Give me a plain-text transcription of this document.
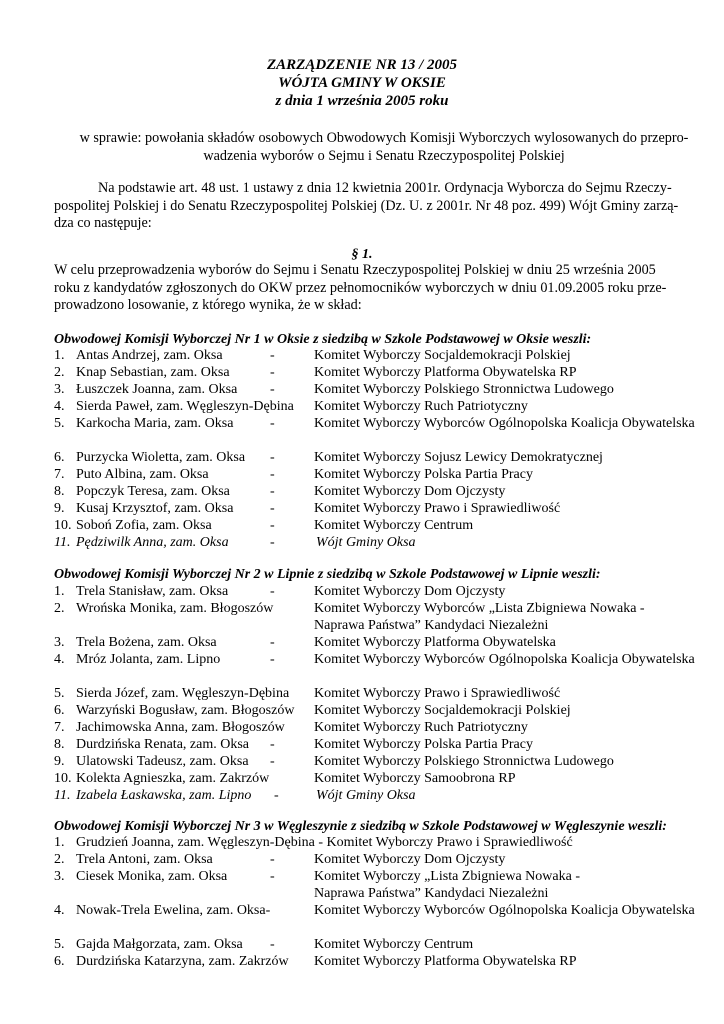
ZARZĄDZENIE NR 13 / 2005
WÓJTA GMINY W OKSIE
z dnia 1 września 2005 roku
w sprawie: powołania składów osobowych Obwodowych Komisji Wyborczych wylosowanych do przepro-
wadzenia wyborów o Sejmu i Senatu Rzeczypospolitej Polskiej
Na podstawie art. 48 ust. 1 ustawy z dnia 12 kwietnia 2001r. Ordynacja Wyborcza do Sejmu Rzeczy-
pospolitej Polskiej i do Senatu Rzeczypospolitej Polskiej (Dz. U. z 2001r. Nr 48 poz. 499) Wójt Gminy zarzą-
dza co następuje:
§ 1.
W celu przeprowadzenia wyborów do Sejmu i Senatu Rzeczypospolitej Polskiej w dniu 25 września 2005
roku z kandydatów zgłoszonych do OKW przez pełnomocników wyborczych w dniu 01.09.2005 roku prze-
prowadzono losowanie, z którego wynika, że w skład:
Obwodowej Komisji Wyborczej Nr 1 w Oksie z siedzibą w Szkole Podstawowej w Oksie weszli:
1. Antas Andrzej, zam. Oksa	-	Komitet Wyborczy Socjaldemokracji Polskiej
2. Knap Sebastian, zam. Oksa	-	Komitet Wyborczy Platforma Obywatelska RP
3. Łuszczek Joanna, zam. Oksa -	Komitet Wyborczy Polskiego Stronnictwa Ludowego
4. Sierda Paweł, zam. Węgleszyn-Dębina Komitet Wyborczy Ruch Patriotyczny
5. Karkocha Maria, zam. Oksa	-	Komitet Wyborczy Wyborców Ogólnopolska Koalicja Obywatelska
6. Purzycka Wioletta, zam. Oksa -	Komitet Wyborczy Sojusz Lewicy Demokratycznej
7. Puto Albina, zam. Oksa	-	Komitet Wyborczy Polska Partia Pracy
8. Popczyk Teresa, zam. Oksa	-	Komitet Wyborczy Dom Ojczysty
9. Kusaj Krzysztof, zam. Oksa	-	Komitet Wyborczy Prawo i Sprawiedliwość
10. Soboń Zofia, zam. Oksa	-	Komitet Wyborczy Centrum
11. Pędziwilk Anna, zam. Oksa	-	Wójt Gminy Oksa
Obwodowej Komisji Wyborczej Nr 2 w Lipnie z siedzibą w Szkole Podstawowej w Lipnie weszli:
1. Trela Stanisław, zam. Oksa	-	Komitet Wyborczy Dom Ojczysty
2. Wrońska Monika, zam. Błogoszów	Komitet Wyborczy Wyborców „Lista Zbigniewa Nowaka -Naprawa Państwa” Kandydaci Niezależni
3. Trela Bożena, zam. Oksa	-	Komitet Wyborczy Platforma Obywatelska
4. Mróz Jolanta, zam. Lipno	-	Komitet Wyborczy Wyborców Ogólnopolska Koalicja Obywatelska
5. Sierda Józef, zam. Węgleszyn-Dębina Komitet Wyborczy Prawo i Sprawiedliwość
6. Warzyński Bogusław, zam. Błogoszów Komitet Wyborczy Socjaldemokracji Polskiej
7. Jachimowska Anna, zam. Błogoszów Komitet Wyborczy Ruch Patriotyczny
8. Durdzińska Renata, zam. Oksa -	Komitet Wyborczy Polska Partia Pracy
9. Ulatowski Tadeusz, zam. Oksa -	Komitet Wyborczy Polskiego Stronnictwa Ludowego
10. Kolekta Agnieszka, zam. Zakrzów	Komitet Wyborczy Samoobrona RP
11. Izabela Łaskawska, zam. Lipno -	Wójt Gminy Oksa
Obwodowej Komisji Wyborczej Nr 3 w Węgleszynie z siedzibą w Szkole Podstawowej w Węgleszynie weszli:
1. Grudzień Joanna, zam. Węgleszyn-Dębina - Komitet Wyborczy Prawo i Sprawiedliwość
2. Trela Antoni, zam. Oksa	-	Komitet Wyborczy Dom Ojczysty
3. Ciesek Monika, zam. Oksa	-	Komitet Wyborczy „Lista Zbigniewa Nowaka -Naprawa Państwa” Kandydaci Niezależni
4. Nowak-Trela Ewelina, zam. Oksa-	Komitet Wyborczy Wyborców Ogólnopolska Koalicja Obywatelska
5. Gajda Małgorzata, zam. Oksa -	Komitet Wyborczy Centrum
6. Durdzińska Katarzyna, zam. Zakrzów Komitet Wyborczy Platforma Obywatelska RP
